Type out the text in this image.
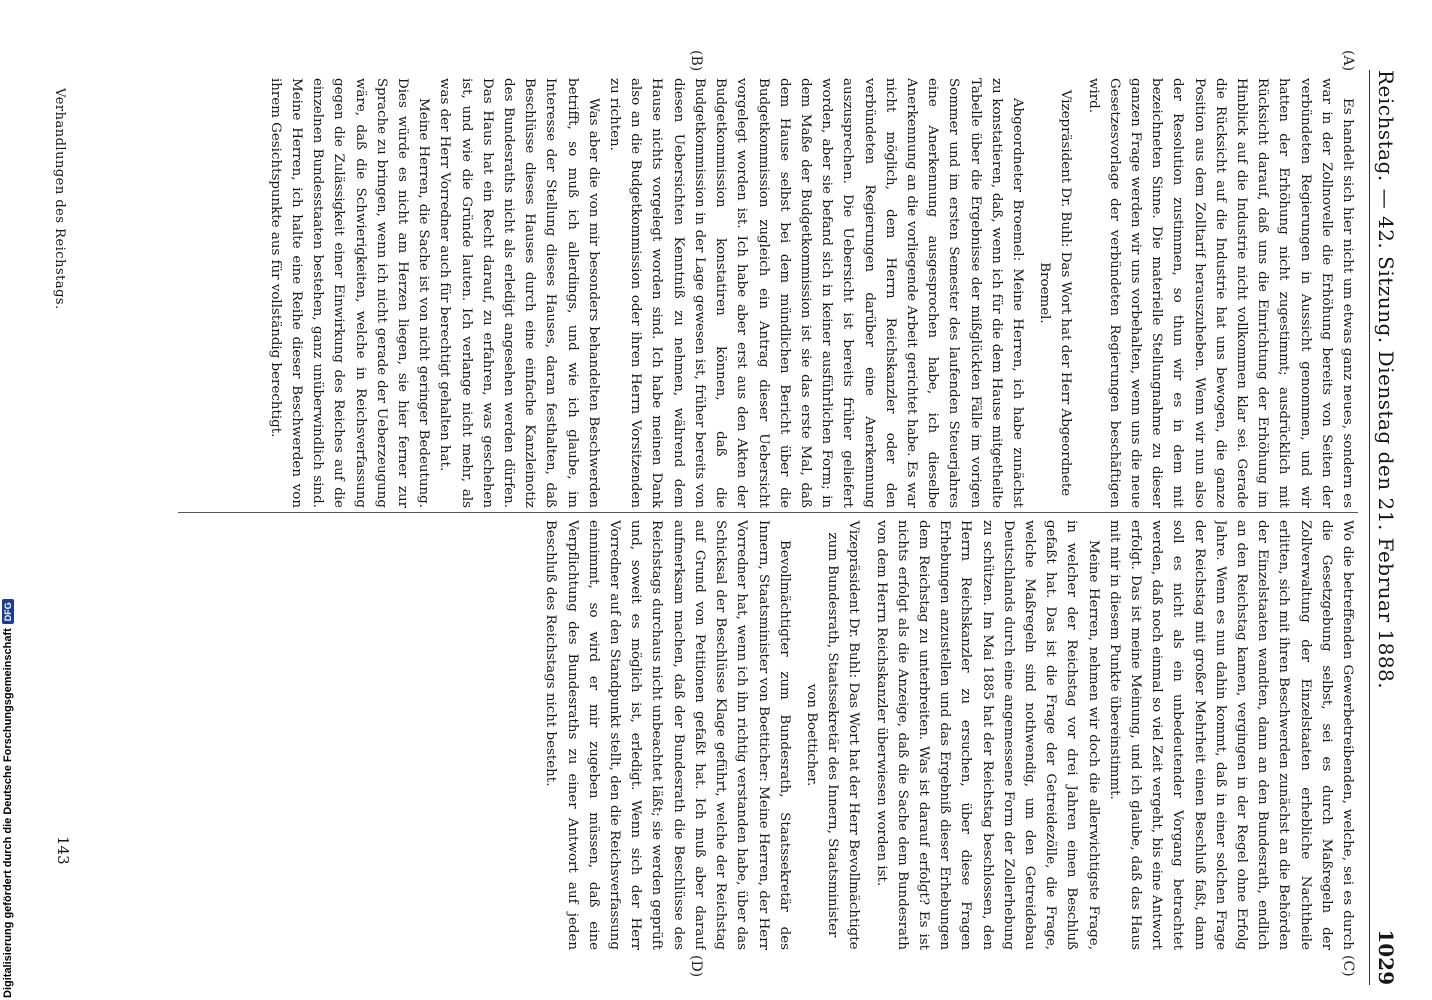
Digitalisierung gefördert durch die Deutsche Forschungsgemeinschaft
DFG	Reichstag. — 42. Sitzung. Dienstag den 21. Februar 1888.
1029
(A)
(B)
(C)
(D)

Es handelt sich hier nicht um etwas ganz neues, sondern es war in der Zollnovelle die Erhöhung bereits von Seiten der verbündeten Regierungen in Aussicht genommen, und wir hatten der Erhöhung nicht zugestimmt; ausdrücklich mit Rücksicht darauf, daß uns die Einrichtung der Erhöhung im Hinblick auf die Industrie nicht vollkommen klar sei. Gerade die Rücksicht auf die Industrie hat uns bewogen, die ganze Position aus dem Zolltarif herauszuheben. Wenn wir nun also der Resolution zustimmen, so thun wir es in dem mit bezeichneten Sinne. Die materielle Stellungnahme zu dieser ganzen Frage werden wir uns vorbehalten, wenn uns die neue Gesetzesvorlage der verbündeten Regierungen beschäftigen wird.

Vizepräsident Dr. Buhl: Das Wort hat der Herr Abgeordnete Broemel.

Abgeordneter Broemel: Meine Herren, ich habe zunächst zu konstatieren, daß, wenn ich für die dem Hause mitgetheilte Tabelle über die Ergebnisse der mißglückten Fälle im vorigen Sommer und im ersten Semester des laufenden Steuerjahres eine Anerkennung ausgesprochen habe, ich dieselbe Anerkennung an die vorliegende Arbeit gerichtet habe. Es war nicht möglich, dem Herrn Reichskanzler oder den verbündeten Regierungen darüber eine Anerkennung auszusprechen. Die Uebersicht ist bereits früher geliefert worden, aber sie befand sich in keiner ausführlichen Form; in dem Maße der Budgetkommission ist sie das erste Mal, daß dem Hause selbst bei dem mündlichen Bericht über die Budgetkommission zugleich ein Antrag dieser Uebersicht vorgelegt worden ist. Ich habe aber erst aus den Akten der Budgetkommission konstatiren können, daß die Budgetkommission in der Lage gewesen ist, früher bereits von diesen Uebersichten Kenntniß zu nehmen, während dem Hause nichts vorgelegt worden sind. Ich habe meinen Dank also an die Budgetkommission oder ihren Herrn Vorsitzenden zu richten.

Was aber die von mir besonders behandelten Beschwerden betrifft, so muß ich allerdings, und wie ich glaube, im Interesse der Stellung dieses Hauses, daran festhalten, daß Beschlüsse dieses Hauses durch eine einfache Kanzleinotiz des Bundesraths nicht als erledigt angesehen werden dürfen. Das Haus hat ein Recht darauf, zu erfahren, was geschehen ist, und wie die Gründe lauten. Ich verlange nicht mehr, als was der Herr Vorredner auch für berechtigt gehalten hat.

Meine Herren, die Sache ist von nicht geringer Bedeutung. Dies würde es nicht am Herzen liegen, sie hier ferner zur Sprache zu bringen, wenn ich nicht gerade der Ueberzeugung wäre, daß die Schwierigkeiten, welche in Reichsverfassung gegen die Zulässigkeit einer Einwirkung des Reiches auf die einzelnen Bundesstaaten bestehen, ganz unüberwindlich sind. Meine Herren, ich halte eine Reihe dieser Beschwerden von ihrem Gesichtspunkte aus für vollständig berechtigt.

Wo die betreffenden Gewerbetreibenden, welche, sei es durch die Gesetzgebung selbst, sei es durch Maßregeln der Zollverwaltung der Einzelstaaten erhebliche Nachtheile erlitten, sich mit ihren Beschwerden zunächst an die Behörden der Einzelstaaten wandten, dann an den Bundesrath, endlich an den Reichstag kamen, vergingen in der Regel ohne Erfolg Jahre. Wenn es nun dahin kommt, daß in einer solchen Frage der Reichstag mit großer Mehrheit einen Beschluß faßt, dann soll es nicht als ein unbedeutender Vorgang betrachtet werden, daß noch einmal so viel Zeit vergeht, bis eine Antwort erfolgt. Das ist meine Meinung, und ich glaube, daß das Haus mit mir in diesem Punkte übereinstimmt.

Meine Herren, nehmen wir doch die allerwichtigste Frage, in welcher der Reichstag vor drei Jahren einen Beschluß gefaßt hat. Das ist die Frage der Getreidezölle, die Frage, welche Maßregeln sind nothwendig, um den Getreidebau Deutschlands durch eine angemessene Form der Zollerhebung zu schützen. Im Mai 1885 hat der Reichstag beschlossen, den Herrn Reichskanzler zu ersuchen, über diese Fragen Erhebungen anzustellen und das Ergebniß dieser Erhebungen dem Reichstag zu unterbreiten. Was ist darauf erfolgt? Es ist nichts erfolgt als die Anzeige, daß die Sache dem Bundesrath von dem Herrn Reichskanzler überwiesen worden ist.

Vizepräsident Dr. Buhl: Das Wort hat der Herr Bevollmächtigte zum Bundesrath, Staatssekretär des Innern, Staatsminister von Boetticher.

Bevollmächtigter zum Bundesrath, Staatssekretär des Innern, Staatsminister von Boetticher: Meine Herren, der Herr Vorredner hat, wenn ich ihn richtig verstanden habe, über das Schicksal der Beschlüsse Klage geführt, welche der Reichstag auf Grund von Petitionen gefaßt hat. Ich muß aber darauf aufmerksam machen, daß der Bundesrath die Beschlüsse des Reichstags durchaus nicht unbeachtet läßt; sie werden geprüft und, soweit es möglich ist, erledigt. Wenn sich der Herr Vorredner auf den Standpunkt stellt, den die Reichsverfassung einnimmt, so wird er mir zugeben müssen, daß eine Verpflichtung des Bundesraths zu einer Antwort auf jeden Beschluß des Reichstags nicht besteht.

Verhandlungen des Reichstags.
143
